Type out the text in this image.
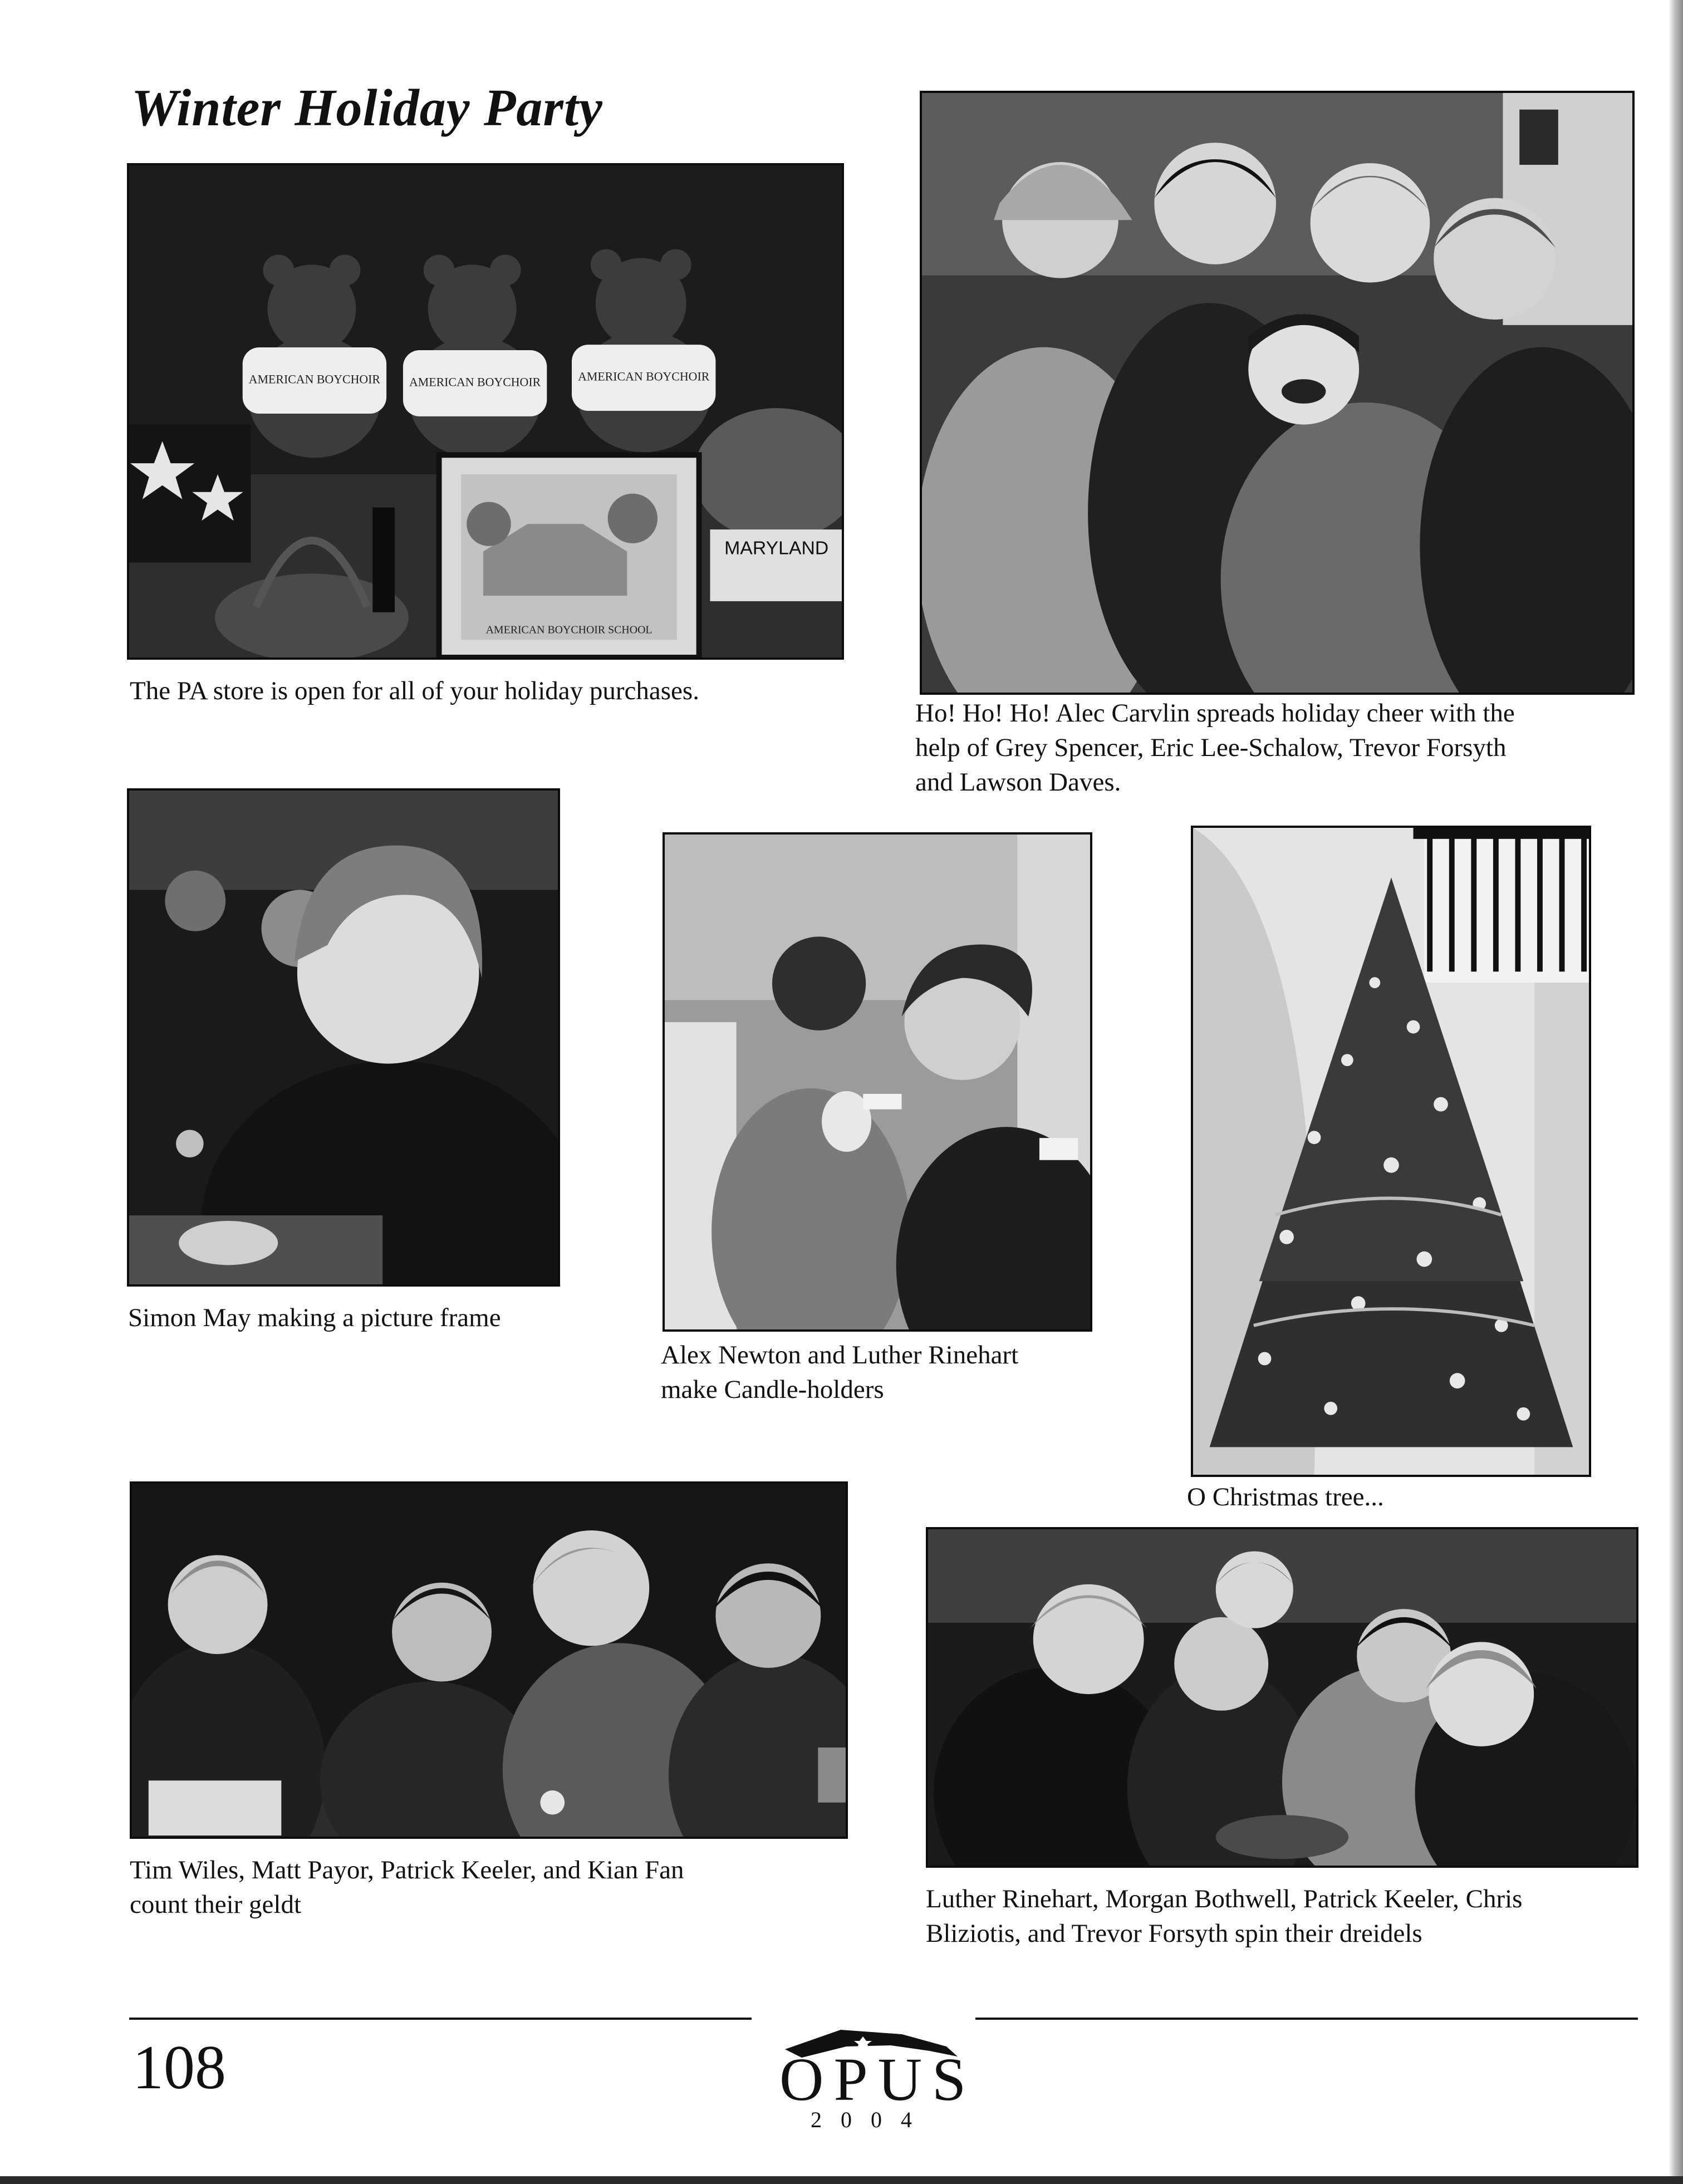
Winter Holiday Party
AMERICAN BOYCHOIR AMERICAN BOYCHOIR	AMERICAN BOYCHOIR
AMERICAN BOYCHOIR SCHOOL
MARYLAND
The PA store is open for all of your holiday purchases.
Ho! Ho! Ho! Alec Carvlin spreads holiday cheer with the
help of Grey Spencer, Eric Lee-Schalow, Trevor Forsyth
and Lawson Daves.
Simon May making a picture frame
Alex Newton and Luther Rinehart
make Candle-holders
O Christmas tree...
Tim Wiles, Matt Payor, Patrick Keeler, and Kian Fan
count their geldt	Luther Rinehart, Morgan Bothwell, Patrick Keeler, Chris
Bliziotis, and Trevor Forsyth spin their dreidels
108	OPUS
2004
